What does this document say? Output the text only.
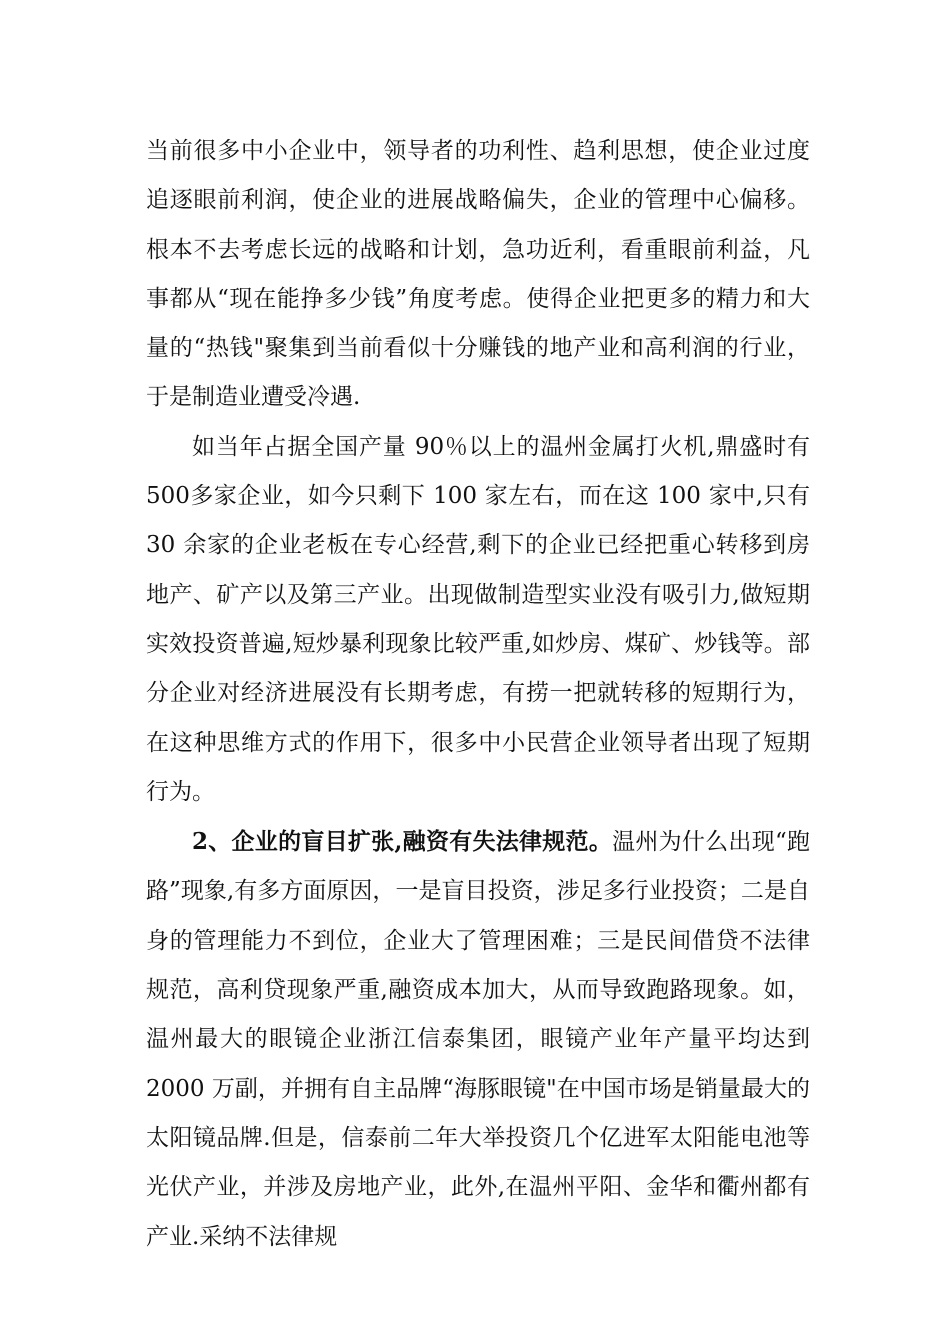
当前很多中小企业中，领导者的功利性、趋利思想，使企业过度追逐眼前利润，使企业的进展战略偏失，企业的管理中心偏移。根本不去考虑长远的战略和计划，急功近利，看重眼前利益，凡事都从“现在能挣多少钱”角度考虑。使得企业把更多的精力和大量的“热钱"聚集到当前看似十分赚钱的地产业和高利润的行业，于是制造业遭受冷遇.

如当年占据全国产量 90％以上的温州金属打火机,鼎盛时有 500多家企业，如今只剩下 100 家左右，而在这 100 家中,只有 30 余家的企业老板在专心经营,剩下的企业已经把重心转移到房地产、矿产以及第三产业。出现做制造型实业没有吸引力,做短期实效投资普遍,短炒暴利现象比较严重,如炒房、煤矿、炒钱等。部分企业对经济进展没有长期考虑，有捞一把就转移的短期行为，在这种思维方式的作用下，很多中小民营企业领导者出现了短期行为。

2、企业的盲目扩张,融资有失法律规范。温州为什么出现“跑路”现象,有多方面原因，一是盲目投资，涉足多行业投资；二是自身的管理能力不到位，企业大了管理困难；三是民间借贷不法律规范，高利贷现象严重,融资成本加大，从而导致跑路现象。如，温州最大的眼镜企业浙江信泰集团，眼镜产业年产量平均达到 2000 万副，并拥有自主品牌“海豚眼镜"在中国市场是销量最大的太阳镜品牌.但是，信泰前二年大举投资几个亿进军太阳能电池等光伏产业，并涉及房地产业，此外,在温州平阳、金华和衢州都有产业.采纳不法律规
